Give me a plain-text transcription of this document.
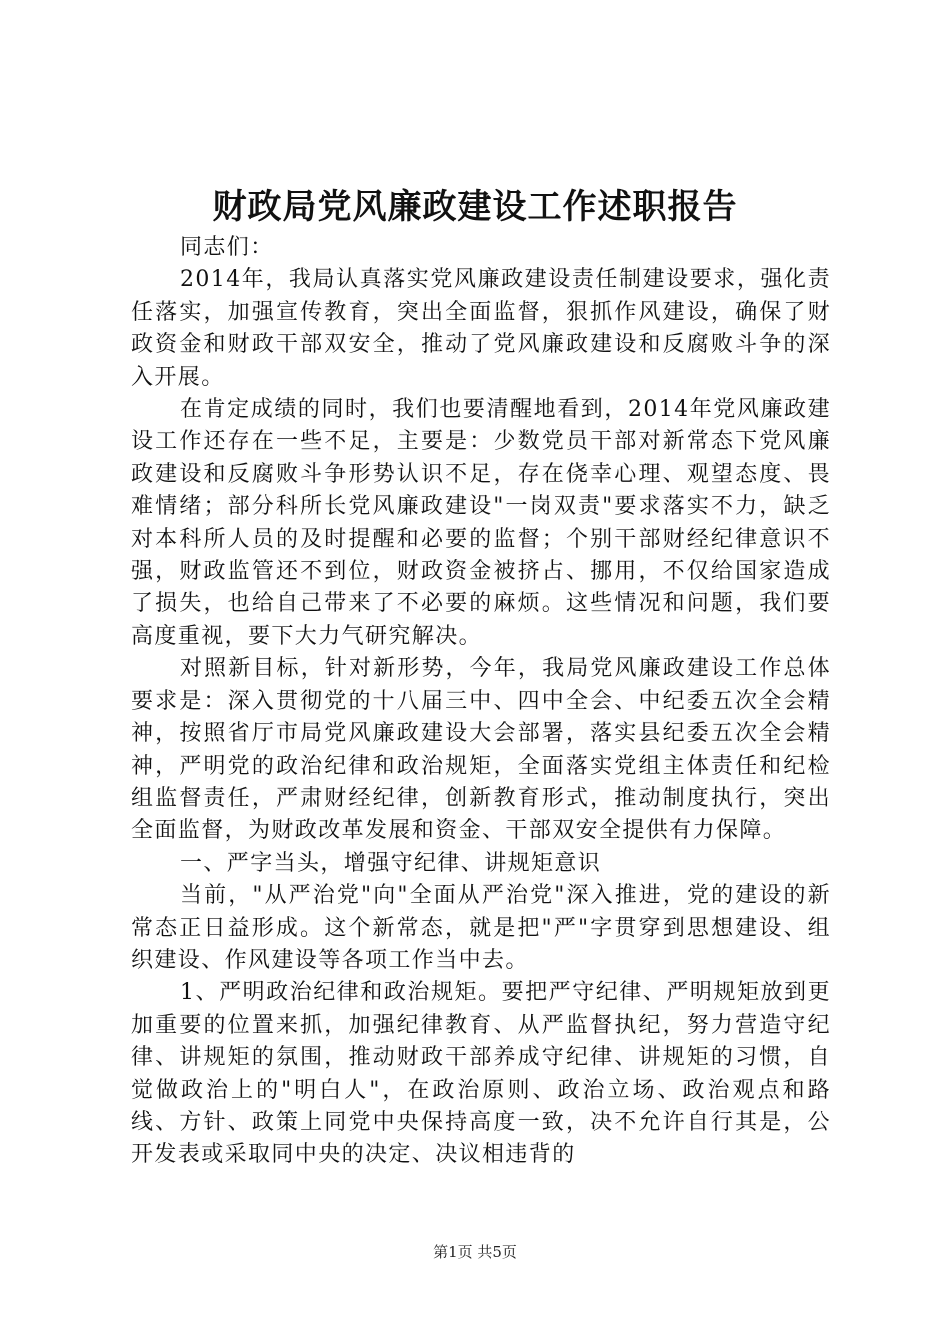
财政局党风廉政建设工作述职报告

同志们：

2014年，我局认真落实党风廉政建设责任制建设要求，强化责任落实，加强宣传教育，突出全面监督，狠抓作风建设，确保了财政资金和财政干部双安全，推动了党风廉政建设和反腐败斗争的深入开展。

在肯定成绩的同时，我们也要清醒地看到，2014年党风廉政建设工作还存在一些不足，主要是：少数党员干部对新常态下党风廉政建设和反腐败斗争形势认识不足，存在侥幸心理、观望态度、畏难情绪；部分科所长党风廉政建设"一岗双责"要求落实不力，缺乏对本科所人员的及时提醒和必要的监督；个别干部财经纪律意识不强，财政监管还不到位，财政资金被挤占、挪用，不仅给国家造成了损失，也给自己带来了不必要的麻烦。这些情况和问题，我们要高度重视，要下大力气研究解决。

对照新目标，针对新形势，今年，我局党风廉政建设工作总体要求是：深入贯彻党的十八届三中、四中全会、中纪委五次全会精神，按照省厅市局党风廉政建设大会部署，落实县纪委五次全会精神，严明党的政治纪律和政治规矩，全面落实党组主体责任和纪检组监督责任，严肃财经纪律，创新教育形式，推动制度执行，突出全面监督，为财政改革发展和资金、干部双安全提供有力保障。

一、严字当头，增强守纪律、讲规矩意识

当前，"从严治党"向"全面从严治党"深入推进，党的建设的新常态正日益形成。这个新常态，就是把"严"字贯穿到思想建设、组织建设、作风建设等各项工作当中去。

1、严明政治纪律和政治规矩。要把严守纪律、严明规矩放到更加重要的位置来抓，加强纪律教育、从严监督执纪，努力营造守纪律、讲规矩的氛围，推动财政干部养成守纪律、讲规矩的习惯，自觉做政治上的"明白人"，在政治原则、政治立场、政治观点和路线、方针、政策上同党中央保持高度一致，决不允许自行其是，公开发表或采取同中央的决定、决议相违背的

第1页 共5页
